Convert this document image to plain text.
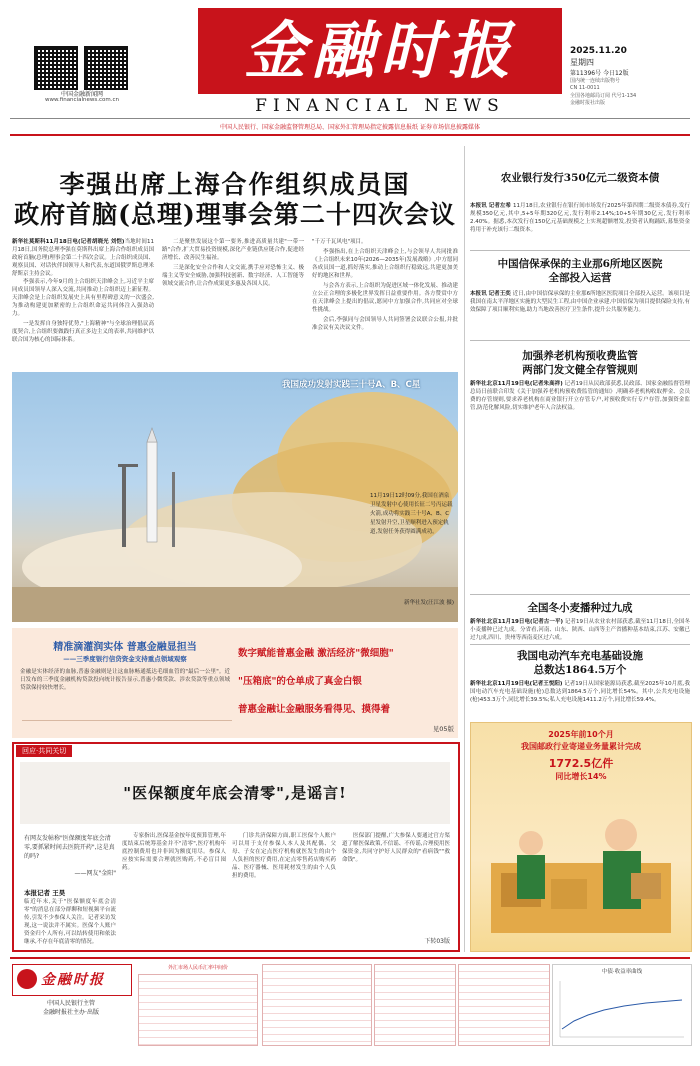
中国金融新闻网
www.financialnews.com.cn
金融时报
FINANCIAL NEWS
2025.11.20
星期四
第11396号 今日12版
国内统一连续出版物号
CN 11-0011
全国各地邮局订阅 代号1-134
金融时报社出版
中国人民银行、国家金融监督管理总局、国家外汇管理局指定披露信息报纸 证券市场信息披露媒体
李强出席上海合作组织成员国
政府首脑(总理)理事会第二十四次会议
新华社莫斯科11月18日电(记者胡晓光 刘恺)当地时间11月18日,国务院总理李强在莫斯科出席上海合作组织成员国政府首脑(总理)理事会第二十四次会议。上合组织成员国、观察员国、对话伙伴国领导人和代表,东道国俄罗斯总理米舒斯京主持会议。

李强表示,今年9月的上合组织天津峰会上,习近平主席同成员国领导人深入交流,共同推动上合组织迈上新征程。天津峰会是上合组织发展史上具有里程碑意义的一次盛会,为推动构建更加紧密的上合组织命运共同体注入强劲动力。

一是发挥自身独特优势,"上海精神"与全球治理倡议高度契合,上合组织要做践行真正多边主义的表率,共同维护以联合国为核心的国际体系。

二是聚焦发展这个第一要务,推进高质量共建"一带一路"合作,扩大贸易投资规模,深化产业链供应链合作,促进经济增长、改善民生福祉。

三是深化安全合作和人文交流,携手应对恐怖主义、极端主义等安全威胁,加强科技创新、数字经济、人工智能等领域交流合作,让合作成果更多惠及各国人民。

"千万千瓦风电"项目。

李强指出,在上合组织天津峰会上,与会领导人共同批准《上合组织未来10年(2026—2035年)发展战略》,中方愿同各成员国一道,抓好落实,推动上合组织行稳致远,共建更加美好的地区和世界。

与会各方表示,上合组织为促进区域一体化发展、推动建立公正合理的多极化世界发挥日益重要作用。各方赞赏中方在天津峰会上提出的倡议,愿同中方加强合作,共同应对全球性挑战。

会后,李强同与会国领导人共同签署会议联合公报,并批准会议有关决议文件。

我国成功发射实践三十号A、B、C星
11月19日12时09分,我国在酒泉卫星发射中心使用长征二号丙运载火箭,成功将实践三十号A、B、C星发射升空,卫星顺利进入预定轨道,发射任务获得圆满成功。
新华社发(汪江波 摄)
精准滴灌润实体 普惠金融显担当
——三季度银行信贷资金支持重点领域观察
金融是实体经济的血脉,普惠金融则是让这血脉畅通抵达毛细血管的"最后一公里"。近日发布的三季度金融机构贷款投向统计报告显示,普惠小微贷款、涉农贷款等重点领域贷款保持较快增长。
数字赋能普惠金融 激活经济"微细胞"
"压箱底"的仓单成了真金白银
普惠金融让金融服务看得见、摸得着
见05版
回应·共同关切
"医保额度年底会清零",是谣言!
有网友发帖称"医保额度年底会清零,要抓紧时间去医院开药",这是真的吗?
——网友"金阳"
本报记者 王昊
临近年末,关于"医保额度年底会清零"的消息在部分群聊和短视频平台流传,引发不少参保人关注。记者采访发现,这一说法并不属实。医保个人账户资金归个人所有,可以结转使用和依法继承,不存在年底清零的情况。
专家指出,医保基金按年度预算管理,年度结束后统筹基金并不"清零",医疗机构年底控制费用也并非因为额度用尽。参保人应按实际需要合理就医购药,不必盲目囤药。
门诊共济保障方面,职工医保个人账户可以用于支付参保人本人及其配偶、父母、子女在定点医疗机构就医发生的由个人负担的医疗费用,在定点零售药店购买药品、医疗器械、医用耗材发生的由个人负担的费用。
医保部门提醒,广大参保人要通过官方渠道了解医保政策,不信谣、不传谣,合理使用医保资金,共同守护好人民群众的"看病钱""救命钱"。
下转03版
农业银行发行350亿元二级资本债
本报讯 记者左希 11月18日,农业银行在银行间市场发行2025年第四期二级资本债券,发行规模350亿元,其中,5+5年期320亿元,发行利率2.14%;10+5年期30亿元,发行利率2.40%。据悉,本次发行在150亿元基础规模之上实现超额增发,投资者认购踊跃,募集资金将用于补充该行二级资本。
中国信保承保的主业那6所地区医院
全部投入运营
本报讯 记者王奕 近日,由中国信保承保的主业那6所地区医院项目全部投入运营。该项目是我国在南太平洋地区实施的大型民生工程,由中国企业承建,中国信保为项目提供保险支持,有效保障了项目顺利实施,助力当地改善医疗卫生条件,提升公共服务能力。
加强养老机构预收费监管
两部门发文健全存管规则
新华社北京11月19日电(记者朱高祥) 记者19日从民政部获悉,民政部、国家金融监督管理总局日前联合印发《关于加强养老机构预收费监管的通知》,明确养老机构收取押金、会员费的存管规则,要求养老机构在商业银行开立存管专户,对预收费实行专户存管,加强资金监管,防范化解风险,切实维护老年人合法权益。
全国冬小麦播种过九成
新华社北京11月19日电(记者古一平) 记者19日从农业农村部获悉,截至11月18日,全国冬小麦播种已过九成。分省看,河南、山东、陕西、山西等主产省播种基本结束,江苏、安徽已过九成,四川、贵州等西南麦区过六成。
我国电动汽车充电基础设施
总数达1864.5万个
新华社北京11月19日电(记者王悦阳) 记者19日从国家能源局获悉,截至2025年10月底,我国电动汽车充电基础设施(枪)总数达到1864.5万个,同比增长54%。其中,公共充电设施(枪)453.3万个,同比增长39.5%;私人充电设施1411.2万个,同比增长59.4%。
2025年前10个月
我国邮政行业寄递业务量累计完成
1772.5亿件
同比增长14%
金融时报
中国人民银行主管
金融时报社主办·出版
外汇市场人民币汇率中间价
中债·收益率曲线
